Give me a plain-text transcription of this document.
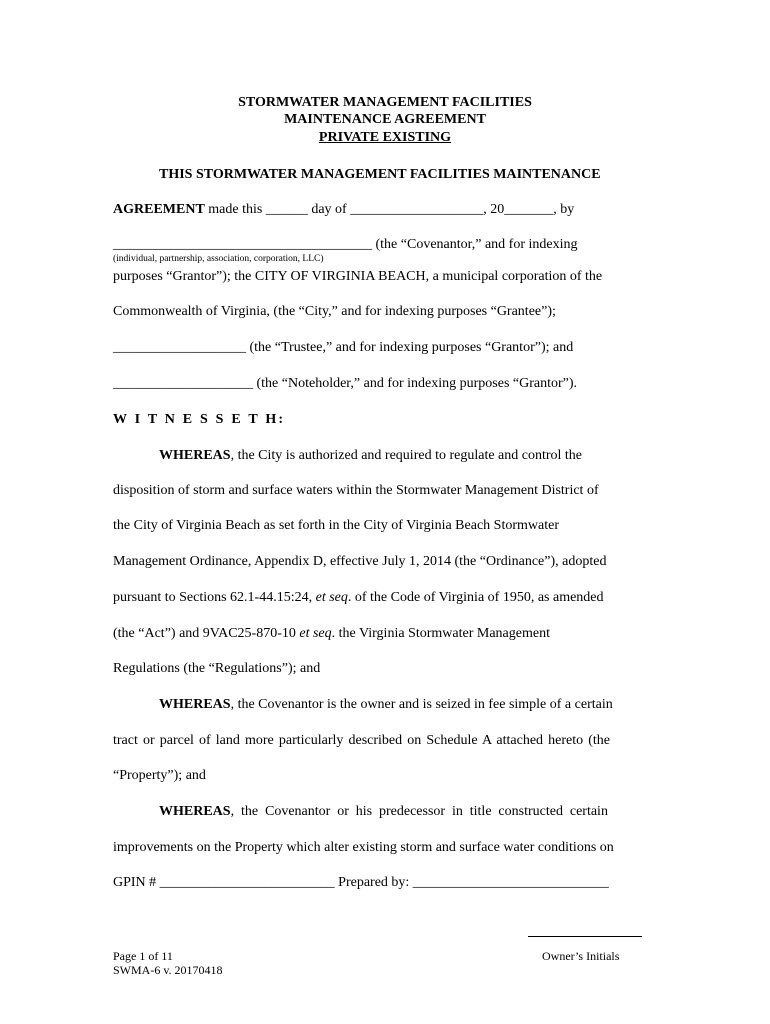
STORMWATER MANAGEMENT FACILITIES
MAINTENANCE AGREEMENT
PRIVATE EXISTING
THIS STORMWATER MANAGEMENT FACILITIES MAINTENANCE
AGREEMENT made this ______ day of ___________________, 20_______, by
_____________________________________ (the “Covenantor,” and for indexing
(individual, partnership, association, corporation, LLC)
purposes “Grantor”); the CITY OF VIRGINIA BEACH, a municipal corporation of the
Commonwealth of Virginia, (the “City,” and for indexing purposes “Grantee”);
___________________ (the “Trustee,” and for indexing purposes “Grantor”); and
____________________ (the “Noteholder,” and for indexing purposes “Grantor”).
W I T N E S S E T H:
WHEREAS, the City is authorized and required to regulate and control the
disposition of storm and surface waters within the Stormwater Management District of
the City of Virginia Beach as set forth in the City of Virginia Beach Stormwater
Management Ordinance, Appendix D, effective July 1, 2014 (the “Ordinance”), adopted
pursuant to Sections 62.1-44.15:24, et seq. of the Code of Virginia of 1950, as amended
(the “Act”) and 9VAC25-870-10 et seq. the Virginia Stormwater Management
Regulations (the “Regulations”); and
WHEREAS, the Covenantor is the owner and is seized in fee simple of a certain
tract or parcel of land more particularly described on Schedule A attached hereto (the
“Property”); and
WHEREAS, the Covenantor or his predecessor in title constructed certain
improvements on the Property which alter existing storm and surface water conditions on
GPIN # _________________________ Prepared by: ____________________________
Page 1 of 11
SWMA-6 v. 20170418
Owner’s Initials
